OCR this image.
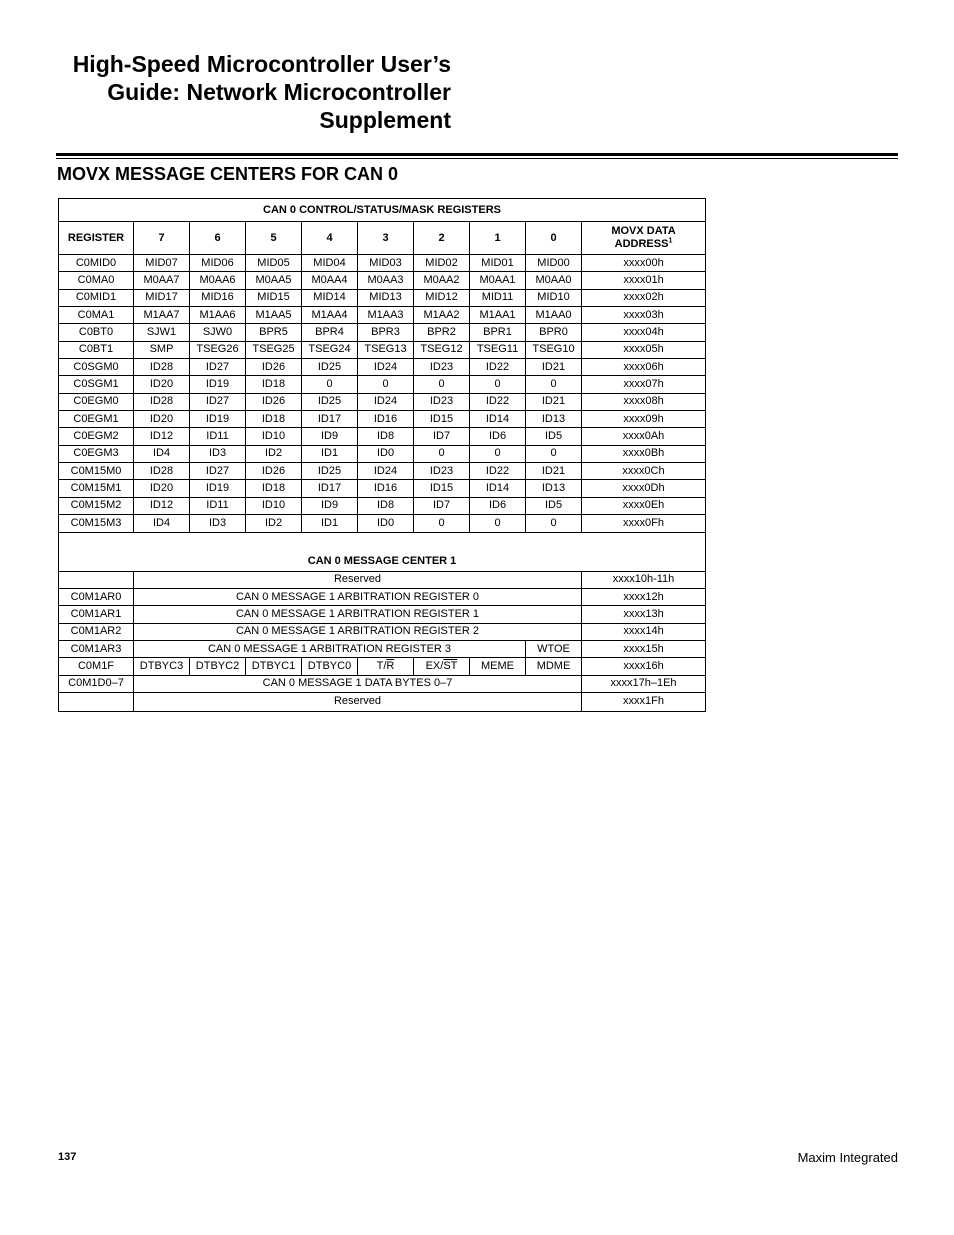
High-Speed Microcontroller User’s
Guide: Network Microcontroller
Supplement
MOVX MESSAGE CENTERS FOR CAN 0
CAN 0 CONTROL/STATUS/MASK REGISTERS									
REGISTER	7	6	5	4	3	2	1	0	MOVX DATA ADDRESS$^1$
C0MID0	MID07	MID06	MID05	MID04	MID03	MID02	MID01	MID00	xxxx00h
C0MA0	M0AA7	M0AA6	M0AA5	M0AA4	M0AA3	M0AA2	M0AA1	M0AA0	xxxx01h
C0MID1	MID17	MID16	MID15	MID14	MID13	MID12	MID11	MID10	xxxx02h
C0MA1	M1AA7	M1AA6	M1AA5	M1AA4	M1AA3	M1AA2	M1AA1	M1AA0	xxxx03h
C0BT0	SJW1	SJW0	BPR5	BPR4	BPR3	BPR2	BPR1	BPR0	xxxx04h
C0BT1	SMP	TSEG26	TSEG25	TSEG24	TSEG13	TSEG12	TSEG11	TSEG10	xxxx05h
C0SGM0	ID28	ID27	ID26	ID25	ID24	ID23	ID22	ID21	xxxx06h
C0SGM1	ID20	ID19	ID18	0	0	0	0	0	xxxx07h
C0EGM0	ID28	ID27	ID26	ID25	ID24	ID23	ID22	ID21	xxxx08h
C0EGM1	ID20	ID19	ID18	ID17	ID16	ID15	ID14	ID13	xxxx09h
C0EGM2	ID12	ID11	ID10	ID9	ID8	ID7	ID6	ID5	xxxx0Ah
C0EGM3	ID4	ID3	ID2	ID1	ID0	0	0	0	xxxx0Bh
C0M15M0	ID28	ID27	ID26	ID25	ID24	ID23	ID22	ID21	xxxx0Ch
C0M15M1	ID20	ID19	ID18	ID17	ID16	ID15	ID14	ID13	xxxx0Dh
C0M15M2	ID12	ID11	ID10	ID9	ID8	ID7	ID6	ID5	xxxx0Eh
C0M15M3	ID4	ID3	ID2	ID1	ID0	0	0	0	xxxx0Fh
CAN 0 MESSAGE CENTER 1									
	Reserved								xxxx10h-11h
C0M1AR0	CAN 0 MESSAGE 1 ARBITRATION REGISTER 0								xxxx12h
C0M1AR1	CAN 0 MESSAGE 1 ARBITRATION REGISTER 1								xxxx13h
C0M1AR2	CAN 0 MESSAGE 1 ARBITRATION REGISTER 2								xxxx14h
C0M1AR3	CAN 0 MESSAGE 1 ARBITRATION REGISTER 3							WTOE	xxxx15h
C0M1F	DTBYC3	DTBYC2	DTBYC1	DTBYC0	$T/\overline{R}$	$EX/\overline{ST}$	MEME	MDME	xxxx16h
C0M1D0–7	CAN 0 MESSAGE 1 DATA BYTES 0–7								xxxx17h–1Eh
	Reserved								xxxx1Fh
137	Maxim Integrated
